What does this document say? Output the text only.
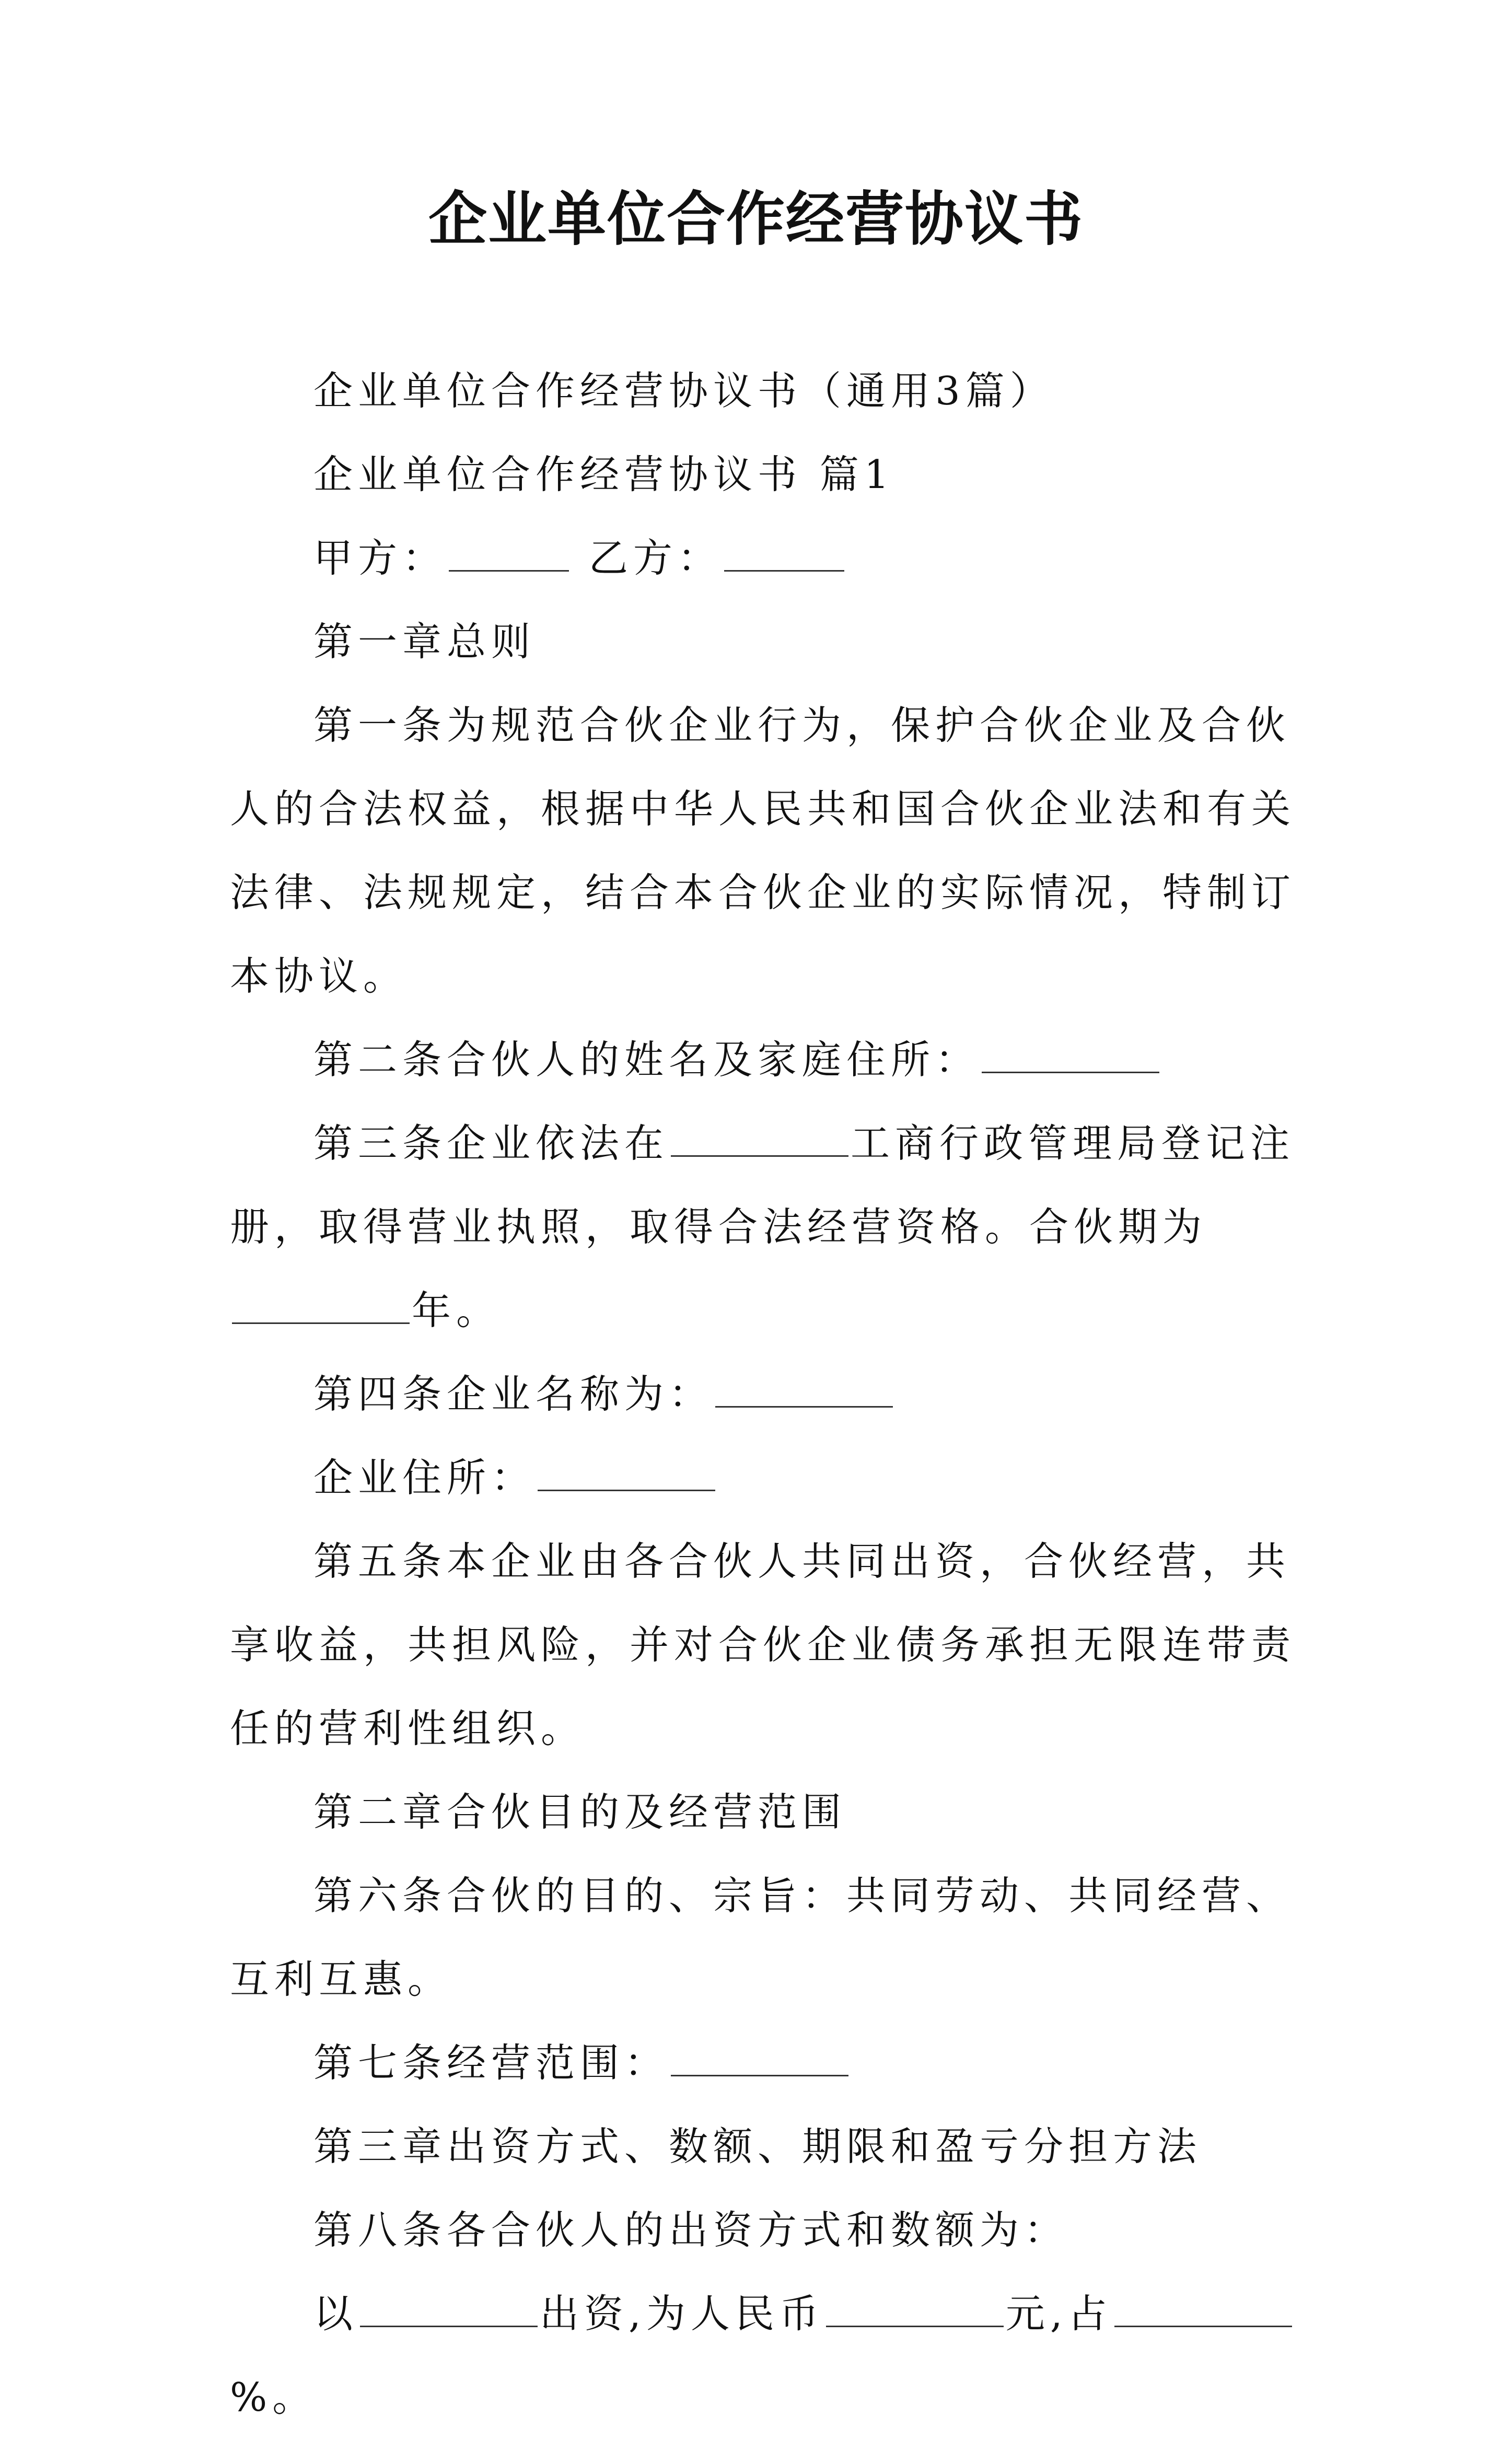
企业单位合作经营协议书

企业单位合作经营协议书（通用3篇）

企业单位合作经营协议书 篇1

甲方：	乙方：

第一章总则

第一条为规范合伙企业行为，保护合伙企业及合伙人的合法权益，根据中华人民共和国合伙企业法和有关法律、法规规定，结合本合伙企业的实际情况，特制订本协议。

第二条合伙人的姓名及家庭住所：

第三条企业依法在	工商行政管理局登记注册，取得营业执照，取得合法经营资格。合伙期为年。

第四条企业名称为：

企业住所：

第五条本企业由各合伙人共同出资，合伙经营，共享收益，共担风险，并对合伙企业债务承担无限连带责任的营利性组织。

第二章合伙目的及经营范围

第六条合伙的目的、宗旨：共同劳动、共同经营、互利互惠。

第七条经营范围：

第三章出资方式、数额、期限和盈亏分担方法

第八条各合伙人的出资方式和数额为：

以	出资,为人民币	元,占%。
